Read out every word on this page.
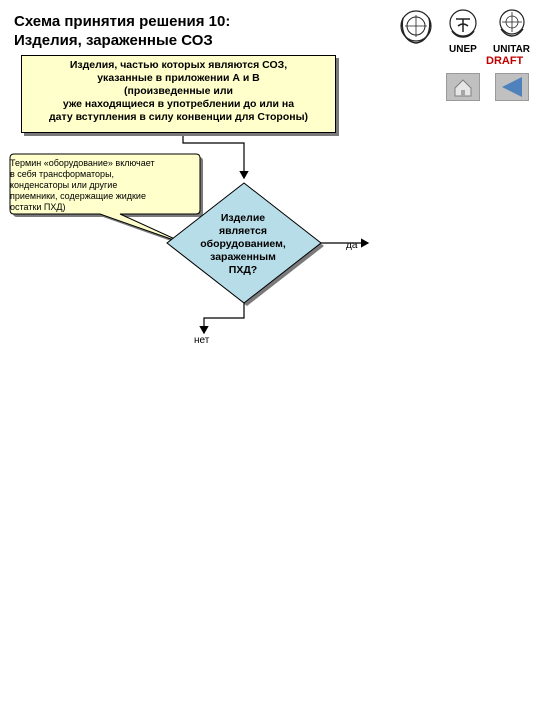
Схема принятия решения 10:
Изделия, зараженные СОЗ
UNEP UNITAR
DRAFT
Изделия, частью которых являются СОЗ,
указанные в приложении А и В
(произведенные или
уже находящиеся в употреблении до или на
дату вступления в силу конвенции для Стороны)
Термин «оборудование» включает
в себя трансформаторы,
конденсаторы или другие
приемники, содержащие жидкие
остатки ПХД)
Изделие
является
оборудованием,
зараженным
ПХД?
да
нет
